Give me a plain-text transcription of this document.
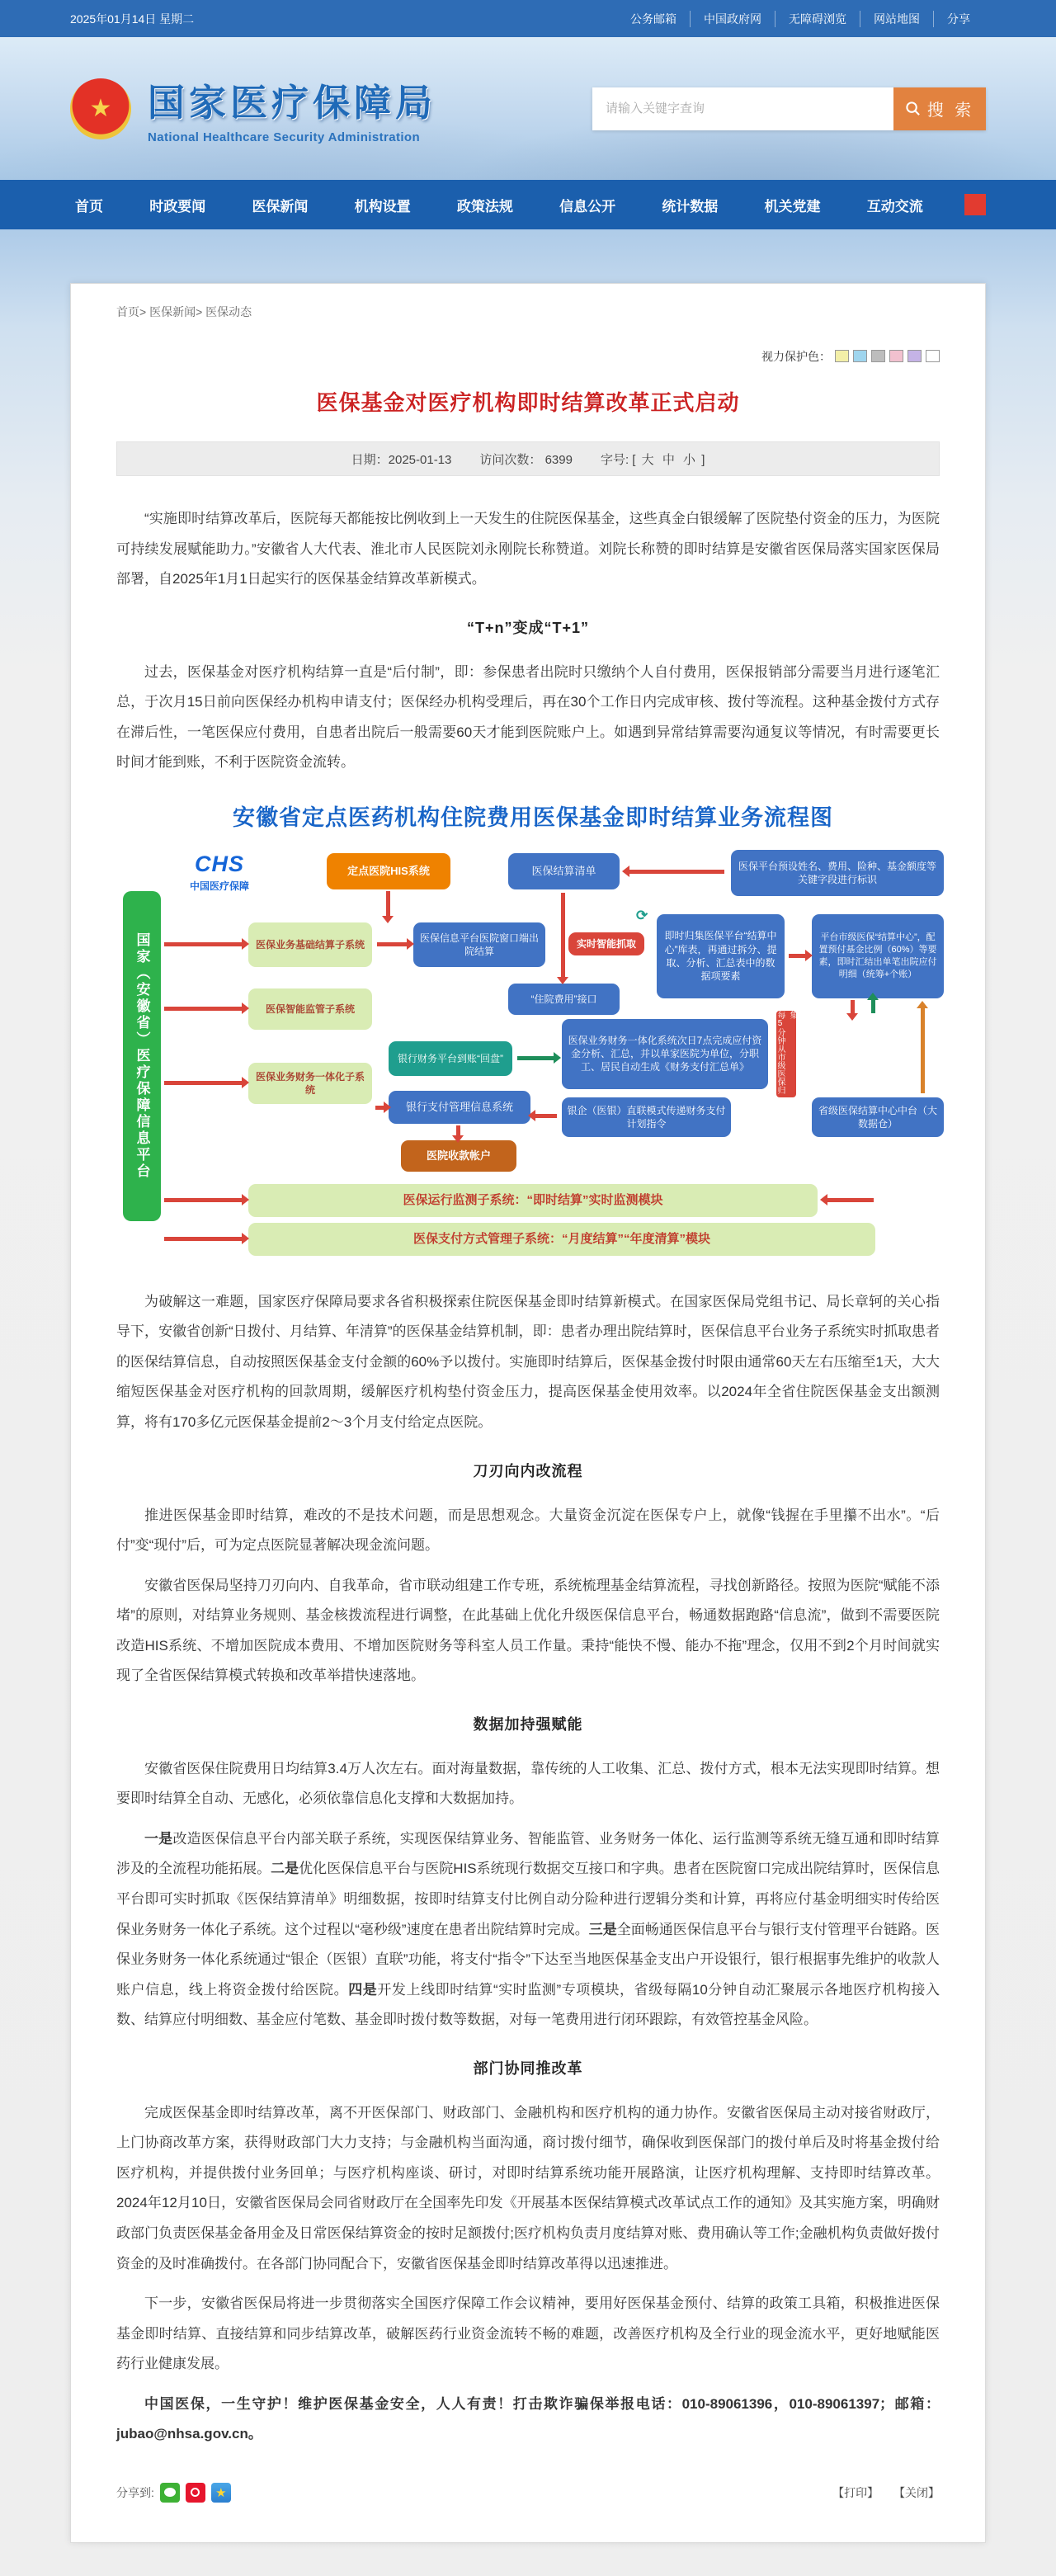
2025年01月14日 星期二	公务邮箱	中国政府网	无障碍浏览	网站地图	分享
★ 国家医疗保障局
National Healthcare Security Administration
请输入关键字查询
搜 索
首页	时政要闻	医保新闻	机构设置	政策法规	信息公开	统计数据	机关党建	互动交流
首页> 医保新闻> 医保动态
视力保护色：
医保基金对医疗机构即时结算改革正式启动
日期：2025-01-13 访问次数： 6399 字号: [ 大 中 小 ]

“实施即时结算改革后，医院每天都能按比例收到上一天发生的住院医保基金，这些真金白银缓解了医院垫付资金的压力，为医院可持续发展赋能助力。”安徽省人大代表、淮北市人民医院刘永刚院长称赞道。刘院长称赞的即时结算是安徽省医保局落实国家医保局部署，自2025年1月1日起实行的医保基金结算改革新模式。

“T+n”变成“T+1”

过去，医保基金对医疗机构结算一直是“后付制”，即：参保患者出院时只缴纳个人自付费用，医保报销部分需要当月进行逐笔汇总，于次月15日前向医保经办机构申请支付；医保经办机构受理后，再在30个工作日内完成审核、拨付等流程。这种基金拨付方式存在滞后性，一笔医保应付费用，自患者出院后一般需要60天才能到医院账户上。如遇到异常结算需要沟通复议等情况，有时需要更长时间才能到账，不利于医院资金流转。

安徽省定点医药机构住院费用医保基金即时结算业务流程图
CHS
中国医疗保障
国家（安徽省）医疗保障信息平台
定点医院HIS系统	医保结算清单	医保平台预设姓名、费用、险种、基金额度等关键字段进行标识
医保业务基础结算子系统
医保信息平台医院窗口端出院结算
实时智能抓取
⟳
即时归集医保平台“结算中心”库表，再通过拆分、提取、分析、汇总表中的数据项要素
平台市级医保“结算中心”，配置预付基金比例（60%）等要素，即时汇结出单笔出院应付明细（统筹+个账）
“住院费用”接口
医保智能监管子系统
银行财务平台到账“回盘”
医保业务财务一体化系统次日7点完成应付资金分析、汇总，并以单家医院为单位，分职工、居民自动生成《财务支付汇总单》	每5分钟从市级医保归集
医保业务财务一体化子系统
银行支付管理信息系统	银企（医银）直联模式传递财务支付计划指令
医院收款帐户
省级医保结算中心中台（大数据仓）
医保运行监测子系统：“即时结算”实时监测模块
医保支付方式管理子系统：“月度结算”“年度清算”模块

为破解这一难题，国家医疗保障局要求各省积极探索住院医保基金即时结算新模式。在国家医保局党组书记、局长章轲的关心指导下，安徽省创新“日拨付、月结算、年清算”的医保基金结算机制，即：患者办理出院结算时，医保信息平台业务子系统实时抓取患者的医保结算信息，自动按照医保基金支付金额的60%予以拨付。实施即时结算后，医保基金拨付时限由通常60天左右压缩至1天，大大缩短医保基金对医疗机构的回款周期，缓解医疗机构垫付资金压力，提高医保基金使用效率。以2024年全省住院医保基金支出额测算，将有170多亿元医保基金提前2～3个月支付给定点医院。

刀刃向内改流程

推进医保基金即时结算，难改的不是技术问题，而是思想观念。大量资金沉淀在医保专户上，就像“钱握在手里攥不出水”。“后付”变“现付”后，可为定点医院显著解决现金流问题。

安徽省医保局坚持刀刃向内、自我革命，省市联动组建工作专班，系统梳理基金结算流程，寻找创新路径。按照为医院“赋能不添堵”的原则，对结算业务规则、基金核拨流程进行调整，在此基础上优化升级医保信息平台，畅通数据跑路“信息流”，做到不需要医院改造HIS系统、不增加医院成本费用、不增加医院财务等科室人员工作量。秉持“能快不慢、能办不拖”理念，仅用不到2个月时间就实现了全省医保结算模式转换和改革举措快速落地。

数据加持强赋能

安徽省医保住院费用日均结算3.4万人次左右。面对海量数据，靠传统的人工收集、汇总、拨付方式，根本无法实现即时结算。想要即时结算全自动、无感化，必须依靠信息化支撑和大数据加持。

一是改造医保信息平台内部关联子系统，实现医保结算业务、智能监管、业务财务一体化、运行监测等系统无缝互通和即时结算涉及的全流程功能拓展。二是优化医保信息平台与医院HIS系统现行数据交互接口和字典。患者在医院窗口完成出院结算时，医保信息平台即可实时抓取《医保结算清单》明细数据，按即时结算支付比例自动分险种进行逻辑分类和计算，再将应付基金明细实时传给医保业务财务一体化子系统。这个过程以“毫秒级”速度在患者出院结算时完成。三是全面畅通医保信息平台与银行支付管理平台链路。医保业务财务一体化系统通过“银企（医银）直联”功能，将支付“指令”下达至当地医保基金支出户开设银行，银行根据事先维护的收款人账户信息，线上将资金拨付给医院。四是开发上线即时结算“实时监测”专项模块，省级每隔10分钟自动汇聚展示各地医疗机构接入数、结算应付明细数、基金应付笔数、基金即时拨付数等数据，对每一笔费用进行闭环跟踪，有效管控基金风险。

部门协同推改革

完成医保基金即时结算改革，离不开医保部门、财政部门、金融机构和医疗机构的通力协作。安徽省医保局主动对接省财政厅，上门协商改革方案，获得财政部门大力支持；与金融机构当面沟通，商讨拨付细节，确保收到医保部门的拨付单后及时将基金拨付给医疗机构，并提供拨付业务回单；与医疗机构座谈、研讨，对即时结算系统功能开展路演，让医疗机构理解、支持即时结算改革。2024年12月10日，安徽省医保局会同省财政厅在全国率先印发《开展基本医保结算模式改革试点工作的通知》及其实施方案，明确财政部门负责医保基金备用金及日常医保结算资金的按时足额拨付;医疗机构负责月度结算对账、费用确认等工作;金融机构负责做好拨付资金的及时准确拨付。在各部门协同配合下，安徽省医保基金即时结算改革得以迅速推进。

下一步，安徽省医保局将进一步贯彻落实全国医疗保障工作会议精神，要用好医保基金预付、结算的政策工具箱，积极推进医保基金即时结算、直接结算和同步结算改革，破解医药行业资金流转不畅的难题，改善医疗机构及全行业的现金流水平，更好地赋能医药行业健康发展。

中国医保，一生守护！维护医保基金安全，人人有责！打击欺诈骗保举报电话：010-89061396，010-89061397；邮箱：jubao@nhsa.gov.cn。

分享到:	★	【打印】 【关闭】
